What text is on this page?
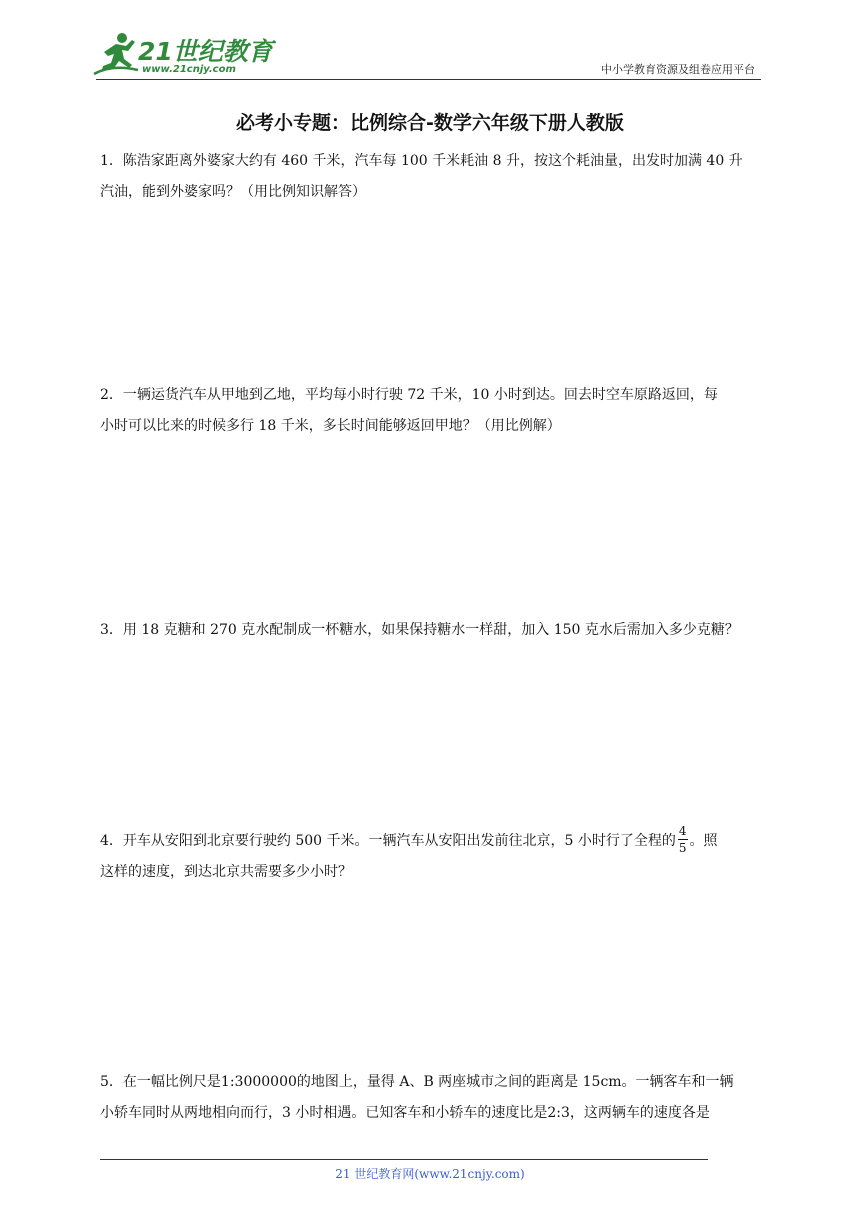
21世纪教育
www.21cnjy.com	中小学教育资源及组卷应用平台
必考小专题：比例综合-数学六年级下册人教版

1．陈浩家距离外婆家大约有 460 千米，汽车每 100 千米耗油 8 升，按这个耗油量，出发时加满 40 升

汽油，能到外婆家吗？（用比例知识解答）

2．一辆运货汽车从甲地到乙地，平均每小时行驶 72 千米，10 小时到达。回去时空车原路返回，每

小时可以比来的时候多行 18 千米，多长时间能够返回甲地？（用比例解）

3．用 18 克糖和 270 克水配制成一杯糖水，如果保持糖水一样甜，加入 150 克水后需加入多少克糖？

4．开车从安阳到北京要行驶约 500 千米。一辆汽车从安阳出发前往北京，5 小时行了全程的 $\frac{4}{5}$ 。照

这样的速度，到达北京共需要多少小时？

5．在一幅比例尺是1:3000000的地图上，量得 A、B 两座城市之间的距离是 15cm。一辆客车和一辆

小轿车同时从两地相向而行，3 小时相遇。已知客车和小轿车的速度比是2:3，这两辆车的速度各是

21 世纪教育网(www.21cnjy.com)
